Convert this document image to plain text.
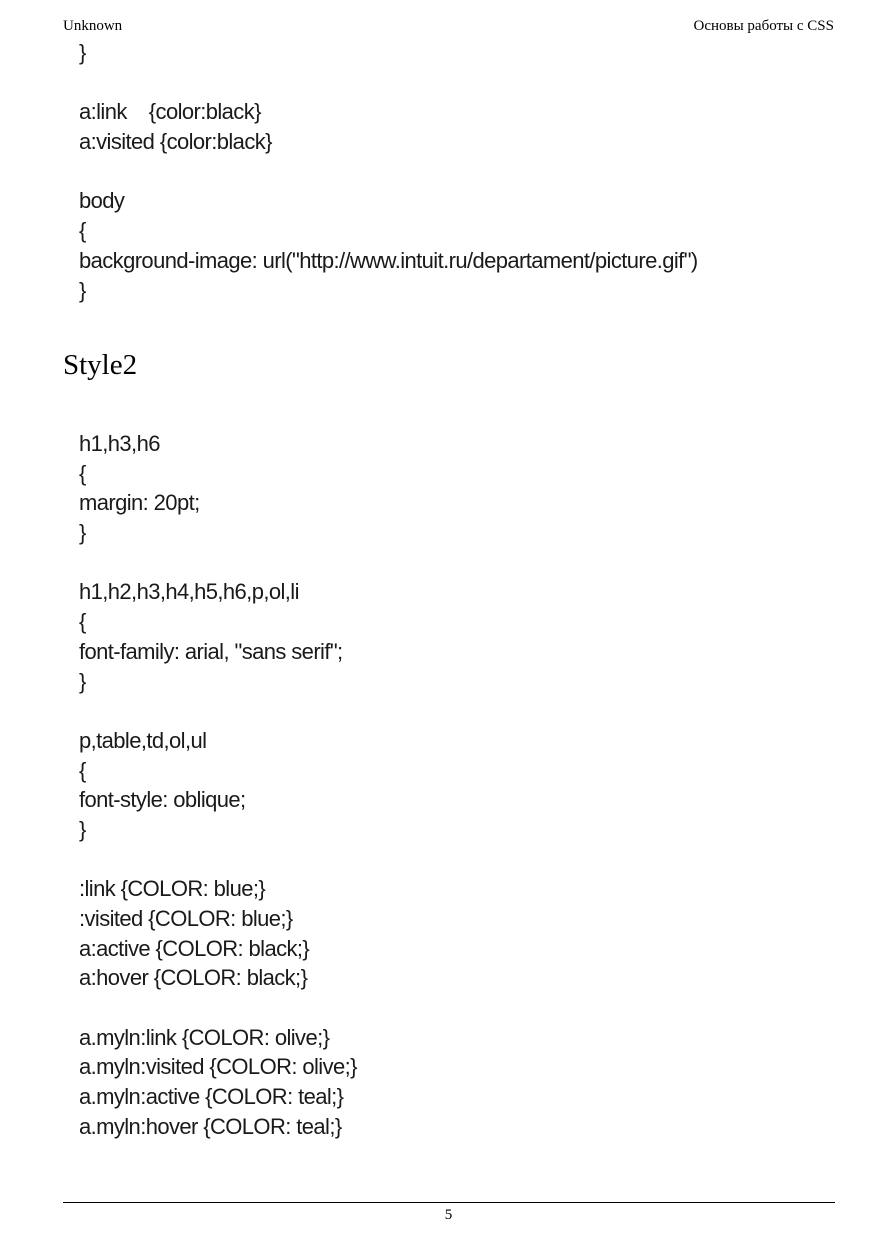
Unknown	Основы работы с CSS
}
a:link    {color:black}
a:visited {color:black}
body
{
background-image: url("http://www.intuit.ru/departament/picture.gif")
}
Style2
h1,h3,h6
{
margin: 20pt;
}
h1,h2,h3,h4,h5,h6,p,ol,li
{
font-family: arial, "sans serif";
}
p,table,td,ol,ul
{
font-style: oblique;
}
:link {COLOR: blue;}
:visited {COLOR: blue;}
a:active {COLOR: black;}
a:hover {COLOR: black;}
a.myln:link {COLOR: olive;}
a.myln:visited {COLOR: olive;}
a.myln:active {COLOR: teal;}
a.myln:hover {COLOR: teal;}
5
